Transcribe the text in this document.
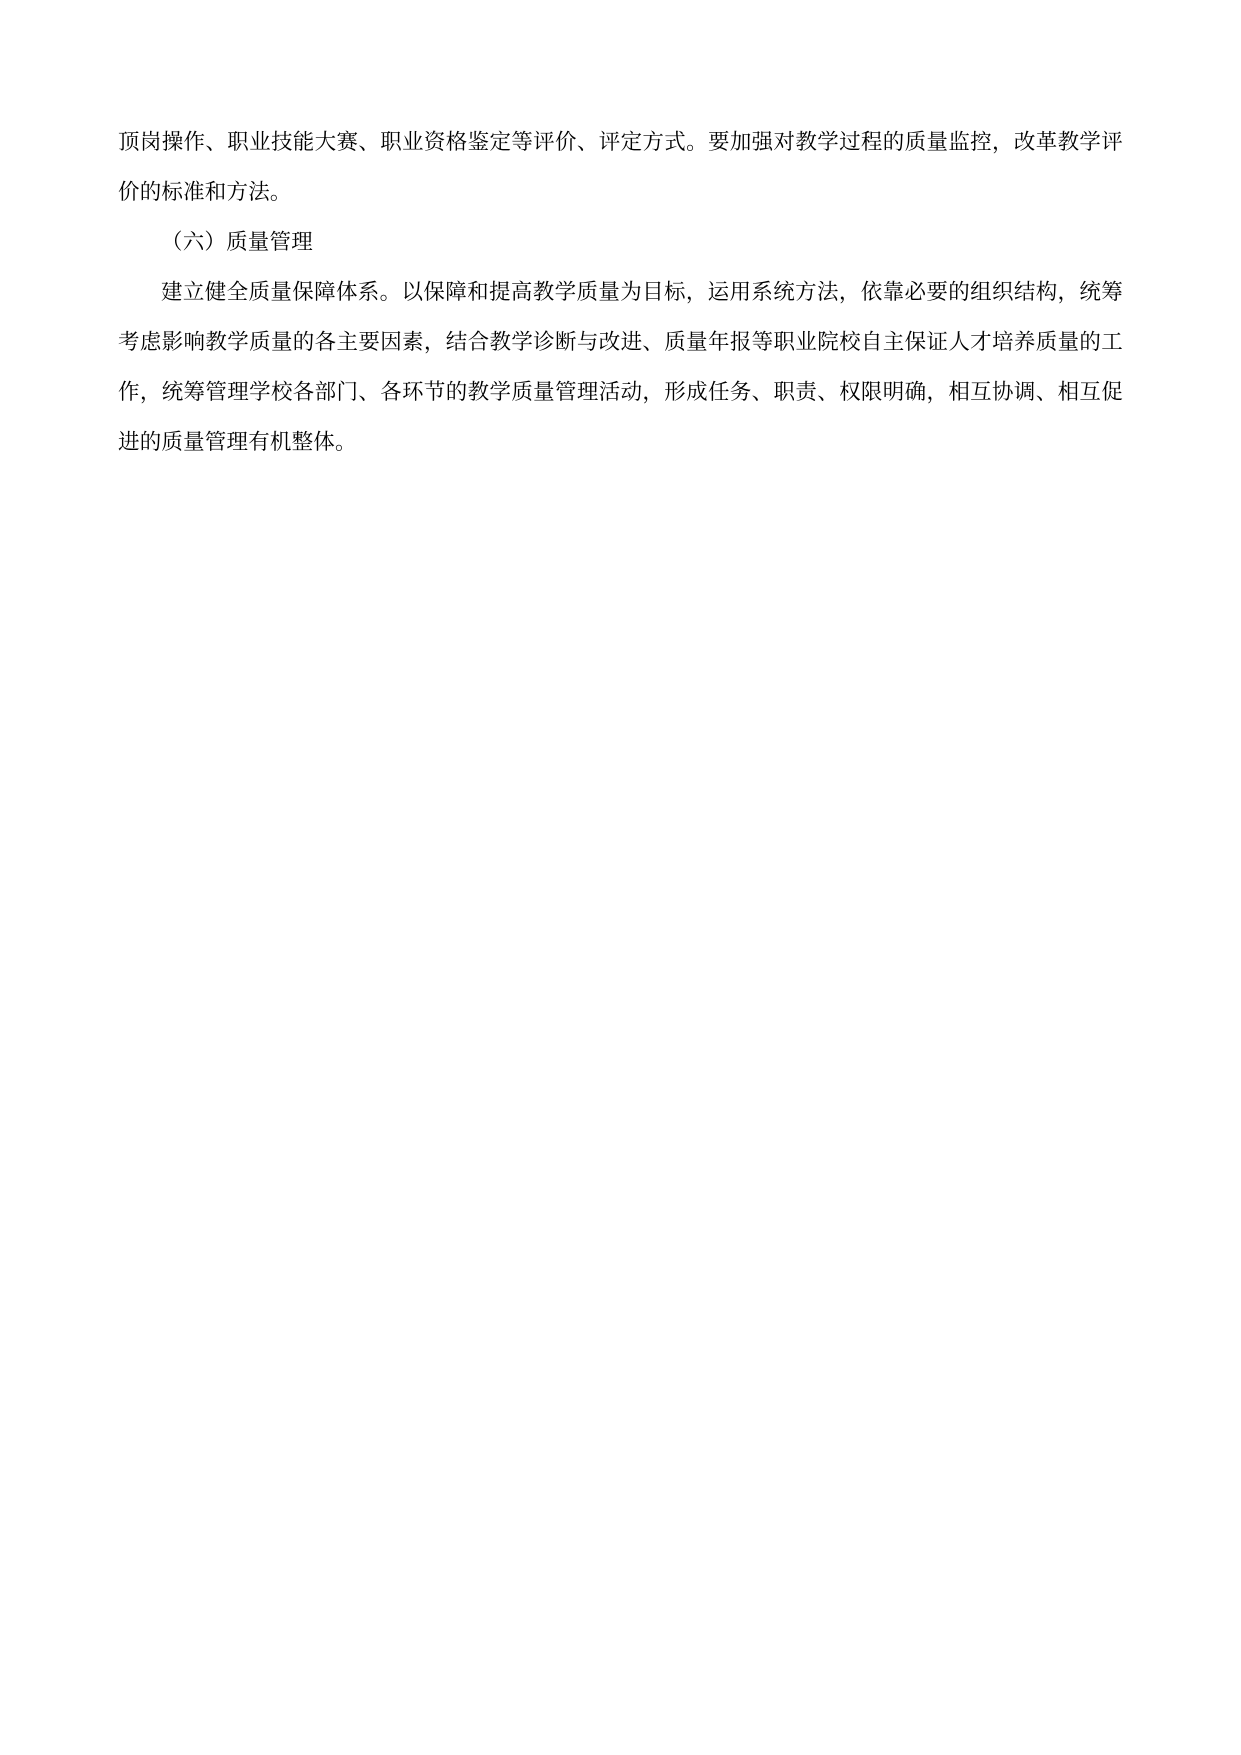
顶岗操作、职业技能大赛、职业资格鉴定等评价、评定方式。要加强对教学过程的质量监控，改革教学评价的标准和方法。

（六）质量管理

建立健全质量保障体系。以保障和提高教学质量为目标，运用系统方法，依靠必要的组织结构，统筹考虑影响教学质量的各主要因素，结合教学诊断与改进、质量年报等职业院校自主保证人才培养质量的工作，统筹管理学校各部门、各环节的教学质量管理活动，形成任务、职责、权限明确，相互协调、相互促进的质量管理有机整体。
